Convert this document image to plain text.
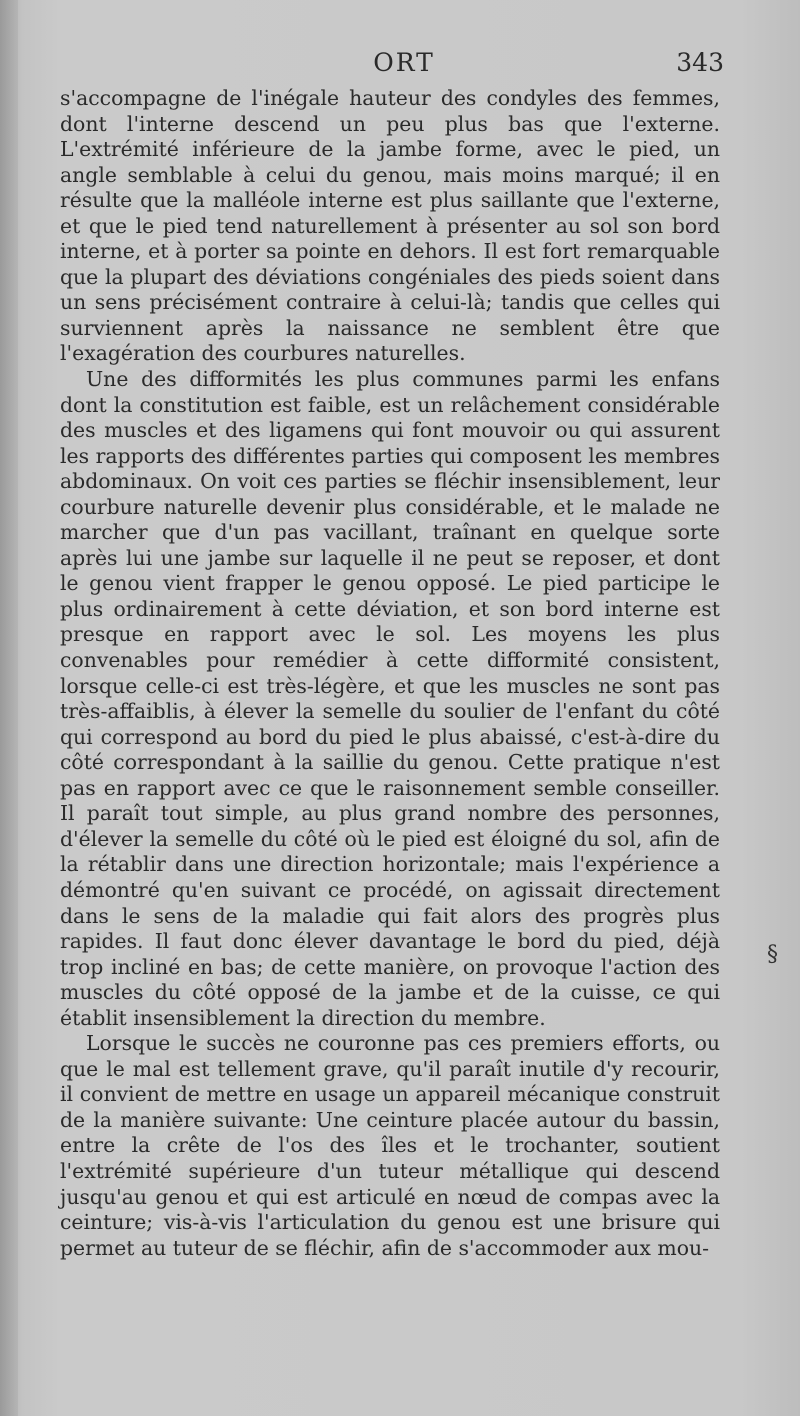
ORT	343

s'accompagne de l'inégale hauteur des condyles des femmes, dont l'interne descend un peu plus bas que l'externe. L'extrémité inférieure de la jambe forme, avec le pied, un angle semblable à celui du genou, mais moins marqué; il en résulte que la malléole interne est plus saillante que l'externe, et que le pied tend naturellement à présenter au sol son bord interne, et à porter sa pointe en dehors. Il est fort remarquable que la plupart des déviations congéniales des pieds soient dans un sens précisément contraire à celui-là; tandis que celles qui surviennent après la naissance ne semblent être que l'exagération des courbures naturelles.

Une des difformités les plus communes parmi les enfans dont la constitution est faible, est un relâchement considérable des muscles et des ligamens qui font mouvoir ou qui assurent les rapports des différentes parties qui composent les membres abdominaux. On voit ces parties se fléchir insensiblement, leur courbure naturelle devenir plus considérable, et le malade ne marcher que d'un pas vacillant, traînant en quelque sorte après lui une jambe sur laquelle il ne peut se reposer, et dont le genou vient frapper le genou opposé. Le pied participe le plus ordinairement à cette déviation, et son bord interne est presque en rapport avec le sol. Les moyens les plus convenables pour remédier à cette difformité consistent, lorsque celle-ci est très-légère, et que les muscles ne sont pas très-affaiblis, à élever la semelle du soulier de l'enfant du côté qui correspond au bord du pied le plus abaissé, c'est-à-dire du côté correspondant à la saillie du genou. Cette pratique n'est pas en rapport avec ce que le raisonnement semble conseiller. Il paraît tout simple, au plus grand nombre des personnes, d'élever la semelle du côté où le pied est éloigné du sol, afin de la rétablir dans une direction horizontale; mais l'expérience a démontré qu'en suivant ce procédé, on agissait directement dans le sens de la maladie qui fait alors des progrès plus rapides. Il faut donc élever davantage le bord du pied, déjà trop incliné en bas; de cette manière, on provoque l'action des muscles du côté opposé de la jambe et de la cuisse, ce qui établit insensiblement la direction du membre.

Lorsque le succès ne couronne pas ces premiers efforts, ou que le mal est tellement grave, qu'il paraît inutile d'y recourir, il convient de mettre en usage un appareil mécanique construit de la manière suivante: Une ceinture placée autour du bassin, entre la crête de l'os des îles et le trochanter, soutient l'extrémité supérieure d'un tuteur métallique qui descend jusqu'au genou et qui est articulé en nœud de compas avec la ceinture; vis-à-vis l'articulation du genou est une brisure qui permet au tuteur de se fléchir, afin de s'accommoder aux mou-

§
